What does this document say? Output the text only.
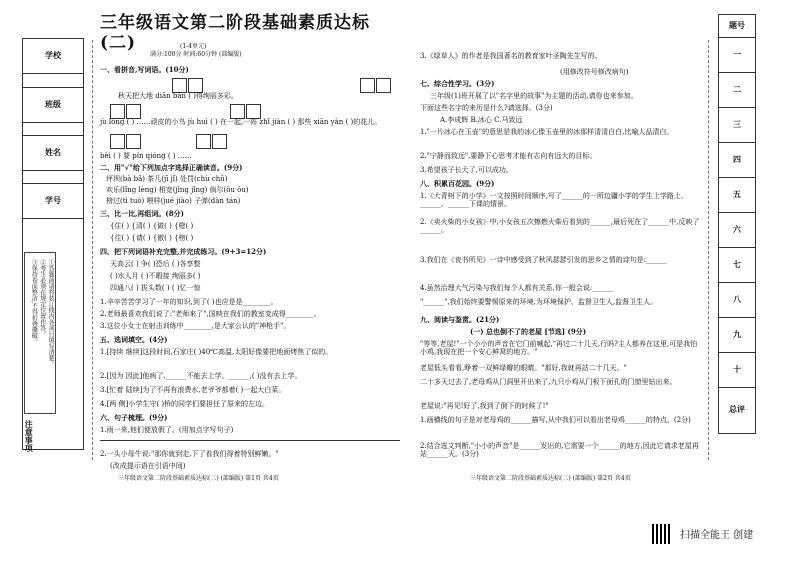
学校
班级
姓名
学号
①答题前请将装订线内各项目填写清楚。
②考生必须在规定位置作答。
③保持卷面整洁,不得折叠撕破。
注意事项
三年级语文第二阶段基础素质达标(二)	(1-4单元)
满分:100分 时间:60分钟 (部编版)
一、看拼音,写词语。(10分)
秋天把大地 diǎn bàn ( )得绚丽多彩。
jù lǒng ( ) ……顽皮的小鸟 jù huì ( ) 在一起,一阵 zhǐ jiàn ( ) 那些 xiān yàn ( )的花儿。
bèi ( ) 要 pín qióng ( ) ……
二、用"√"给下列加点字选择正确读音。(9分)
坪坝(bà bǎ) 茶几(jī jǐ) 处罚(chù chǔ)
欢乐(lǐng lèng) 相宽(jìng jǐng) 倘尔(ǒu ǒu)
榜过(tì tuò) 喂样(jué jiào) 子弹(dàn tán)
三、比一比,再组词。(8分)
{住( ) {清( ) {做( ) {橙( )
{往( ) {请( ) {傲( ) {榜( )
四、把下列词语补充完整,并完成练习。(9+3=12分)
天高云( ) 争( )恐后 ( )各享整
( )水人月 ( )不暇接 绚丽多( )
四通八( ) 拔头数( ) ( )忆一惊
1.辛辛苦苦学习了一年的知识,到了( )也应是是________。
2.老师最喜欢我们说了:"老师来了",国映在我们的教室变成得________。
3.这位小女士在射击训练中________,是大家公认的"神枪手"。
五、选词填空。(4分)
1.[持续 继续]这段时间,石家庄( )40℃高温,太阳好像要把地面烤焦了似的。
2.[因为 因此]他病了,______不能去上学。______,( )没有去上学。
3.[忙着 陆续]为了不再有浪费水,老爷爷都着( )一起大白菜。
4.[两 侧]小学生守( )桥的同学们要担任了原来的左边。
六、句子梳理。(9分)
1.雨一来,他们便放假了。(用加点字写句子)
2.一头小母牛说:"那你就到走,下了看我们得着特别鲜嫩。"
(改成提示语在引语中间)
三年级语文第二阶段基础素质达标(二) (部编版) 第1页 共4页
3.《绿草人》的作者是我国著名的教育家叶圣陶先生写的。
(用修改符号修改病句)
七、综合性学习。(3分)
三年级(1)班开展了以"名字里的故事"为主题的活动,请你也来参加。
下面这些名字的来历是什么?请选择。(3分)
A.李成辉 B.冰心 C.马致远
1."一片冰心在玉壶"的意思是我的冰心像玉壶里的冰那样清清白白,比喻人品清白。
2."宁静而致远",要静下心思考才能有志向有远大的目标。
3.希望孩子长大了,可以成功。
八、积累百花园。(9分)
1.《大青树下的小学》一文按照时间顺序,写了______的一所边疆小学的学生上学路上、______、______下课的情景。
2.《卖火柴的小女孩》中,小女孩五次擦燃火柴后看到的______,最后死在了______中,反映了______。
3.我们在《夜书所见》一诗中感受到了秋风瑟瑟引发的思乡之情的诗句是:______
4.虽然治理大气污染与我们每个人都有关系,你一般会说:______
"______",我们始终要警惕原来的环境,为环境保护、监督卫生人,监督卫生人。
九、阅读与鉴赏。(21分)
(一) 总也倒不了的老屋 [节选] (9分)
"等等,老屋!"一个小小的声音在它门前喊起,"再过二十几天,行吗?主人都养在这里,可是我怕小鸡,我现在把一个安心鲜窝的地方。"
老屋低头看看,睁着一双鲜绿瓣的眼睛。"那好,我就再站二十几天。"
二十多天过去了,老母鸡从门洞里开出来了,九只小鸡从门板下面孔的门窗里钻出来。
老屋说:"再见!好了,我到了倒下的时候了!"
1.画横线的句子是对老母鸡的______描写,从中我们可以看出老母鸡______的特点。(2分)
2.结合选文判断,"小小的声音"是______发出的,它需要一个______的地方,因此它请求老屋再站______天。(3分)
三年级语文第二阶段基础素质达标(二) (部编版) 第2页 共4页
题号
一
二
三
四
五
六
七
八
九
十
总评
扫描全能王 创建
